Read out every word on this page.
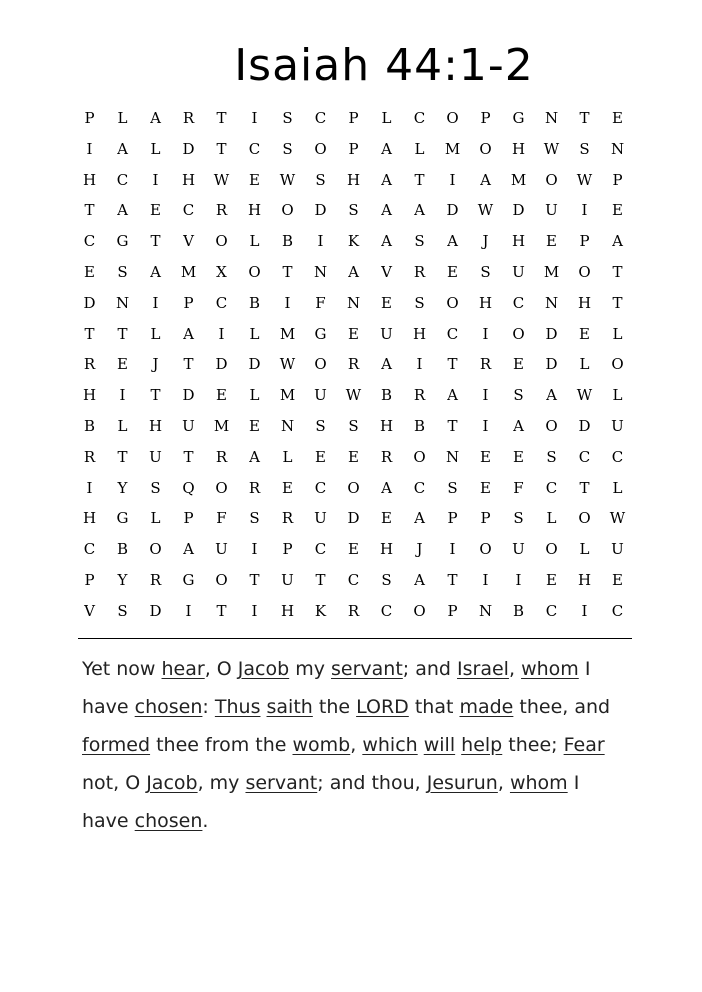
Isaiah 44:1-2
P	L	A	R	T	I	S	C	P	L	C	O	P	G	N	T	E
I	A	L	D	T	C	S	O	P	A	L	M	O	H	W	S	N
H	C	I	H	W	E	W	S	H	A	T	I	A	M	O	W	P
T	A	E	C	R	H	O	D	S	A	A	D	W	D	U	I	E
C	G	T	V	O	L	B	I	K	A	S	A	J	H	E	P	A
E	S	A	M	X	O	T	N	A	V	R	E	S	U	M	O	T
D	N	I	P	C	B	I	F	N	E	S	O	H	C	N	H	T
T	T	L	A	I	L	M	G	E	U	H	C	I	O	D	E	L
R	E	J	T	D	D	W	O	R	A	I	T	R	E	D	L	O
H	I	T	D	E	L	M	U	W	B	R	A	I	S	A	W	L
B	L	H	U	M	E	N	S	S	H	B	T	I	A	O	D	U
R	T	U	T	R	A	L	E	E	R	O	N	E	E	S	C	C
I	Y	S	Q	O	R	E	C	O	A	C	S	E	F	C	T	L
H	G	L	P	F	S	R	U	D	E	A	P	P	S	L	O	W
C	B	O	A	U	I	P	C	E	H	J	I	O	U	O	L	U
P	Y	R	G	O	T	U	T	C	S	A	T	I	I	E	H	E
V	S	D	I	T	I	H	K	R	C	O	P	N	B	C	I	C
Yet now hear, O Jacob my servant; and Israel, whom I have chosen: Thus saith the LORD that made thee, and formed thee from the womb, which will help thee; Fear not, O Jacob, my servant; and thou, Jesurun, whom I have chosen.
